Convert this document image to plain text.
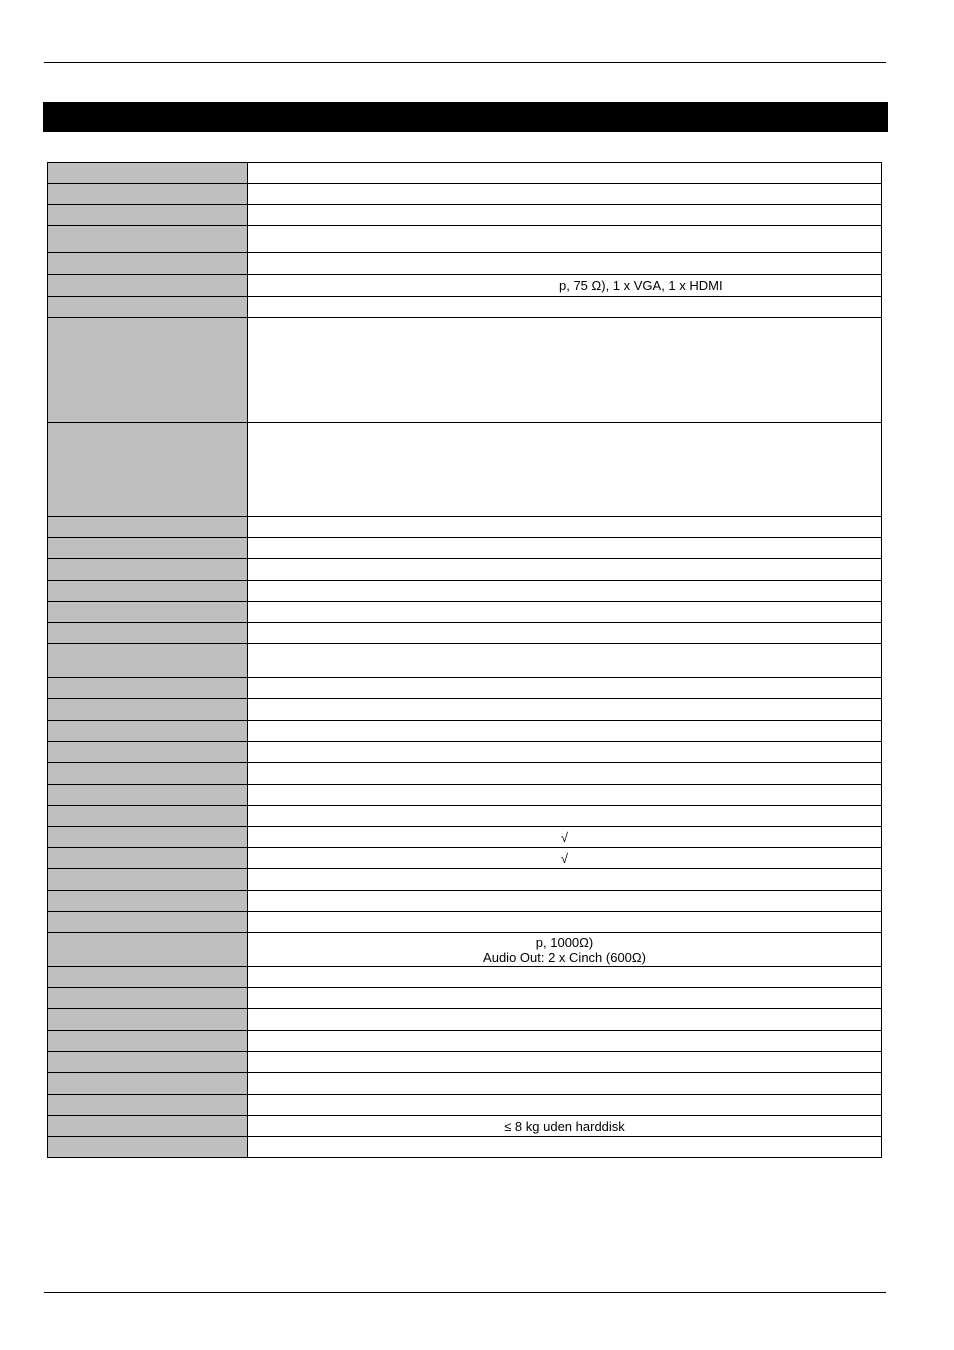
	p, 75 Ω), 1 x VGA, 1 x HDMI

	√
	√

	p, 1000Ω)
Audio Out: 2 x Cinch (600Ω)

	≤ 8 kg uden harddisk
